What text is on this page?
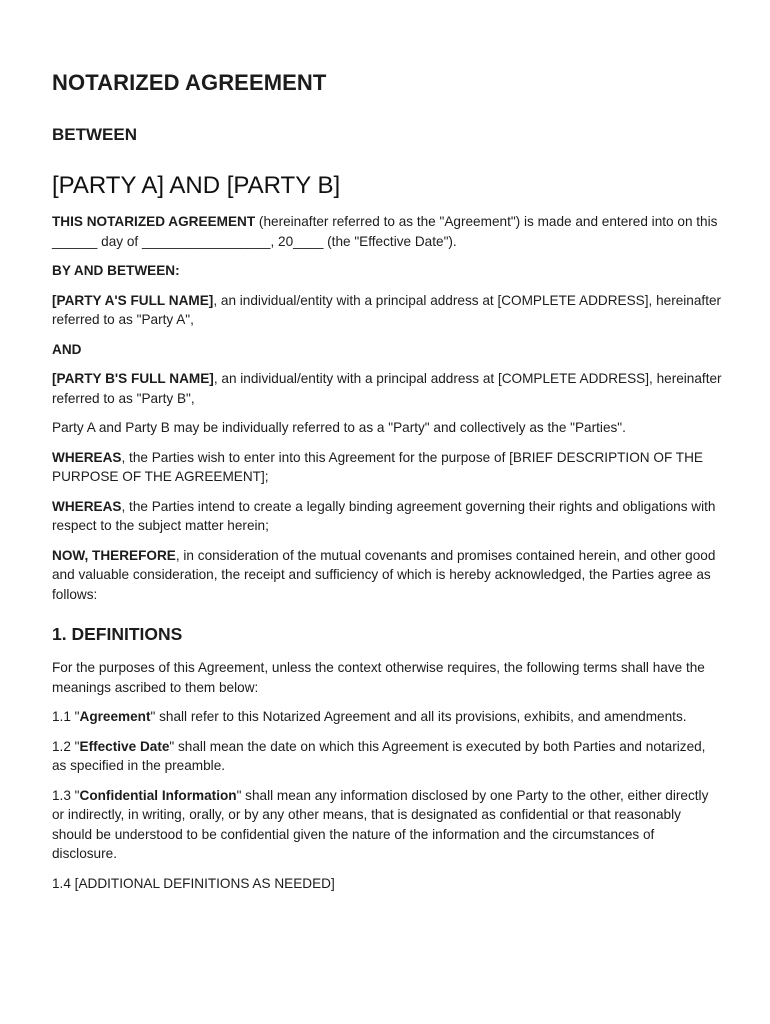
NOTARIZED AGREEMENT
BETWEEN
[PARTY A] AND [PARTY B]

THIS NOTARIZED AGREEMENT (hereinafter referred to as the "Agreement") is made and entered into on this ______ day of _________________, 20____ (the "Effective Date").

BY AND BETWEEN:

[PARTY A'S FULL NAME], an individual/entity with a principal address at [COMPLETE ADDRESS], hereinafter referred to as "Party A",

AND

[PARTY B'S FULL NAME], an individual/entity with a principal address at [COMPLETE ADDRESS], hereinafter referred to as "Party B",

Party A and Party B may be individually referred to as a "Party" and collectively as the "Parties".

WHEREAS, the Parties wish to enter into this Agreement for the purpose of [BRIEF DESCRIPTION OF THE PURPOSE OF THE AGREEMENT];

WHEREAS, the Parties intend to create a legally binding agreement governing their rights and obligations with respect to the subject matter herein;

NOW, THEREFORE, in consideration of the mutual covenants and promises contained herein, and other good and valuable consideration, the receipt and sufficiency of which is hereby acknowledged, the Parties agree as follows:

1. DEFINITIONS

For the purposes of this Agreement, unless the context otherwise requires, the following terms shall have the meanings ascribed to them below:

1.1 "Agreement" shall refer to this Notarized Agreement and all its provisions, exhibits, and amendments.

1.2 "Effective Date" shall mean the date on which this Agreement is executed by both Parties and notarized, as specified in the preamble.

1.3 "Confidential Information" shall mean any information disclosed by one Party to the other, either directly or indirectly, in writing, orally, or by any other means, that is designated as confidential or that reasonably should be understood to be confidential given the nature of the information and the circumstances of disclosure.

1.4 [ADDITIONAL DEFINITIONS AS NEEDED]
